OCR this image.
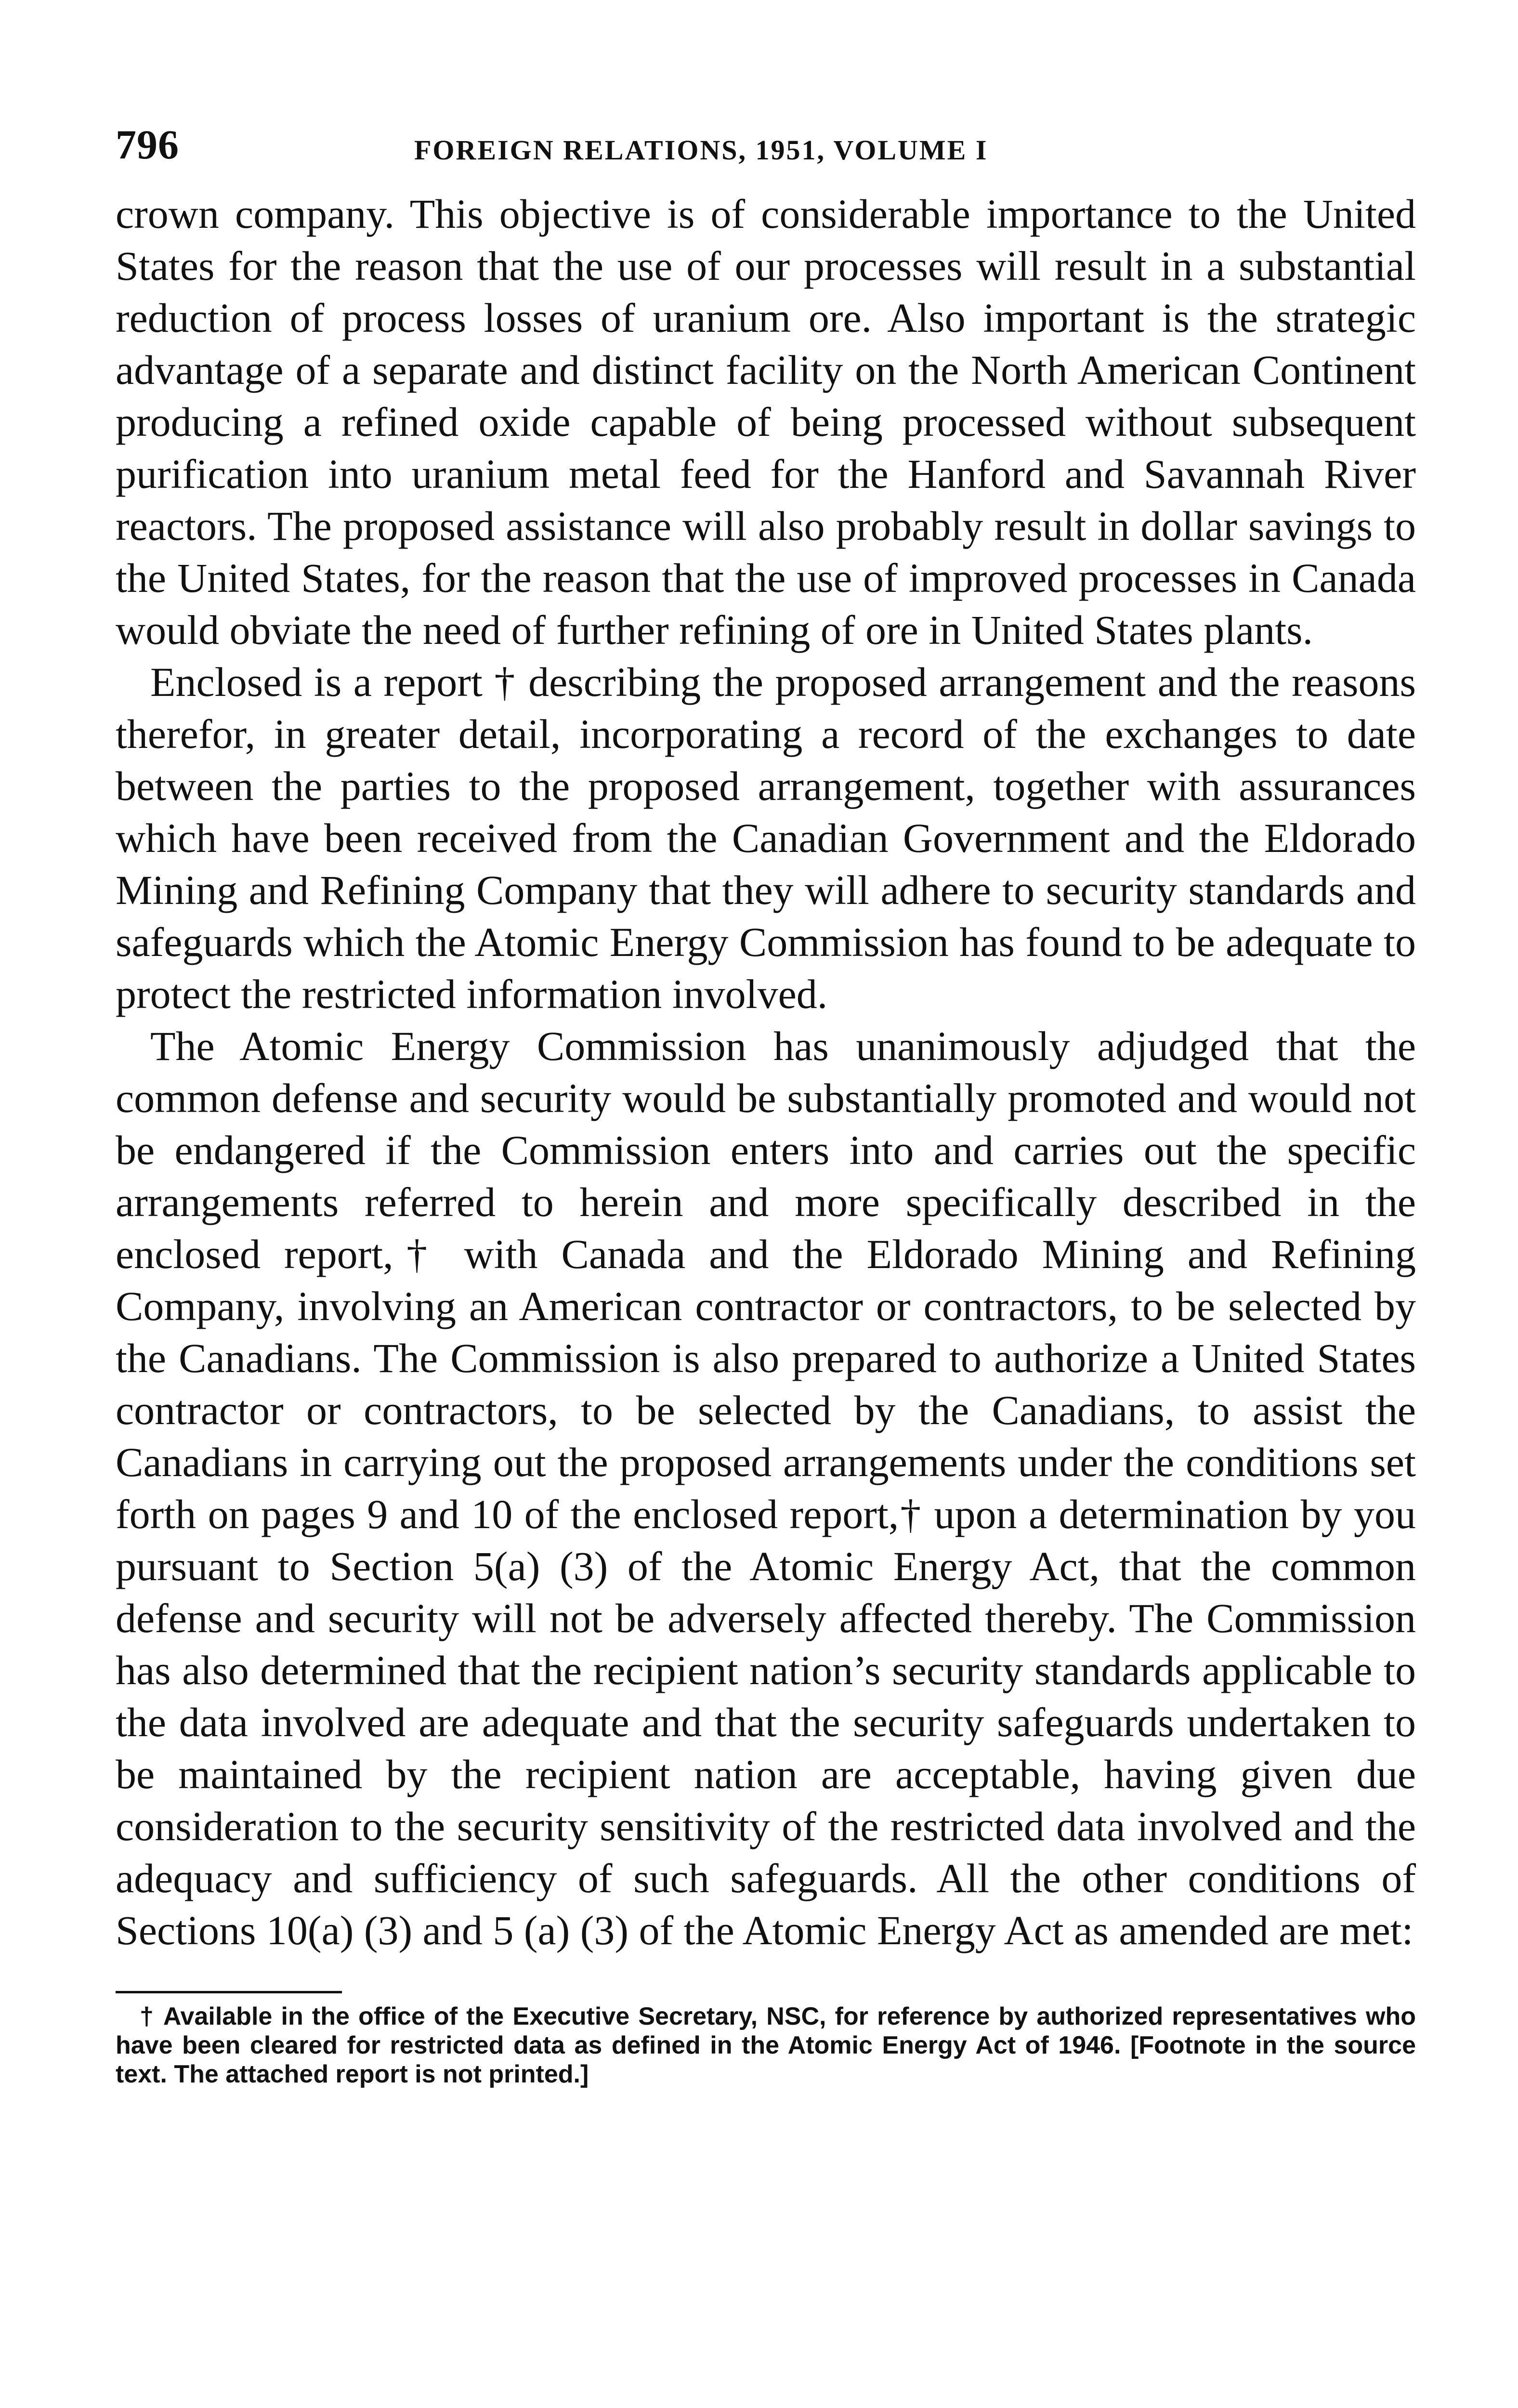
796	FOREIGN RELATIONS, 1951, VOLUME I

crown company. This objective is of considerable importance to the United States for the reason that the use of our processes will result in a substantial reduction of process losses of uranium ore. Also important is the strategic advantage of a separate and distinct facility on the North American Continent producing a refined oxide capable of being processed without subsequent purification into uranium metal feed for the Hanford and Savannah River reactors. The proposed assistance will also probably result in dollar savings to the United States, for the reason that the use of improved processes in Canada would obviate the need of further refining of ore in United States plants.

Enclosed is a report † describing the proposed arrangement and the reasons therefor, in greater detail, incorporating a record of the exchanges to date between the parties to the proposed arrangement, together with assurances which have been received from the Canadian Government and the Eldorado Mining and Refining Company that they will adhere to security standards and safeguards which the Atomic Energy Commission has found to be adequate to protect the restricted information involved.

The Atomic Energy Commission has unanimously adjudged that the common defense and security would be substantially promoted and would not be endangered if the Commission enters into and carries out the specific arrangements referred to herein and more specifically described in the enclosed report,† with Canada and the Eldorado Mining and Refining Company, involving an American contractor or contractors, to be selected by the Canadians. The Commission is also prepared to authorize a United States contractor or contractors, to be selected by the Canadians, to assist the Canadians in carrying out the proposed arrangements under the conditions set forth on pages 9 and 10 of the enclosed report,† upon a determination by you pursuant to Section 5(a) (3) of the Atomic Energy Act, that the common defense and security will not be adversely affected thereby. The Commission has also determined that the recipient nation’s security standards applicable to the data involved are adequate and that the security safeguards undertaken to be maintained by the recipient nation are acceptable, having given due consideration to the security sensitivity of the restricted data involved and the adequacy and sufficiency of such safeguards. All the other conditions of Sections 10(a) (3) and 5 (a) (3) of the Atomic Energy Act as amended are met:

† Available in the office of the Executive Secretary, NSC, for reference by authorized representatives who have been cleared for restricted data as defined in the Atomic Energy Act of 1946. [Footnote in the source text. The attached report is not printed.]
